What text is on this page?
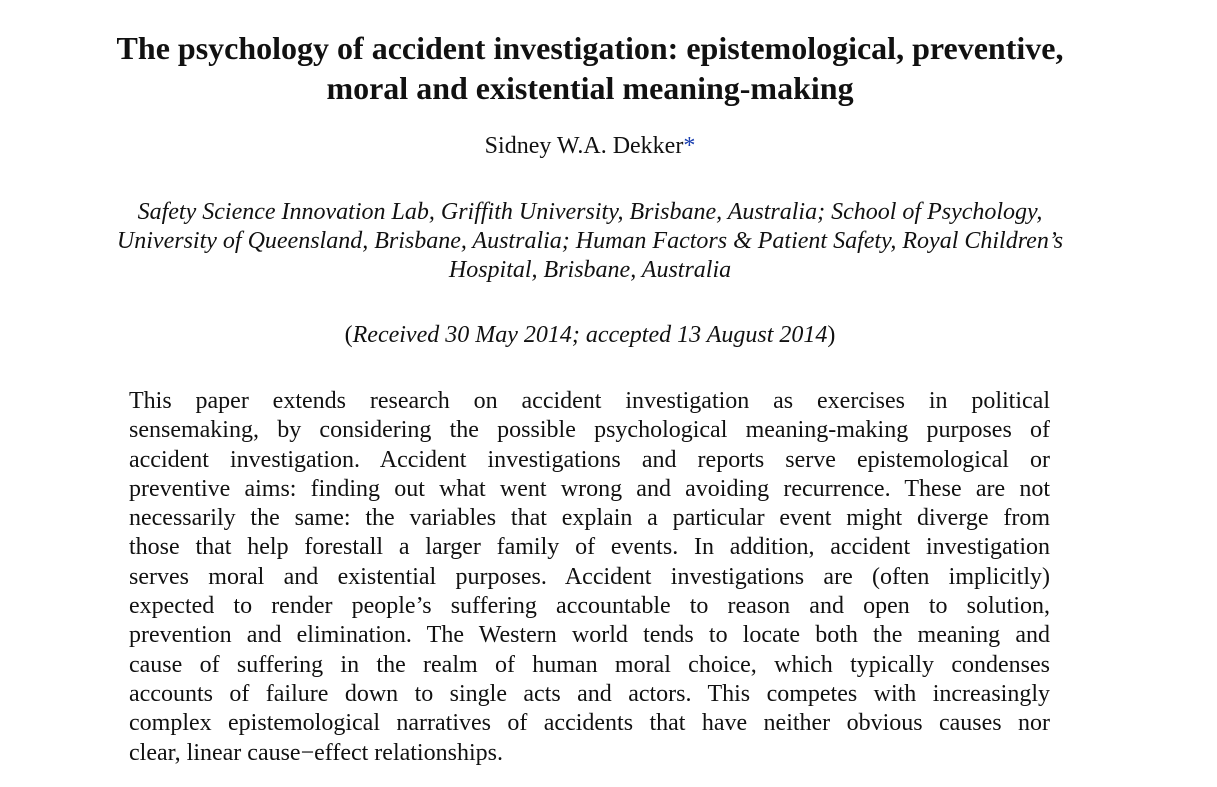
The psychology of accident investigation: epistemological, preventive,
moral and existential meaning-making
Sidney W.A. Dekker*
Safety Science Innovation Lab, Griffith University, Brisbane, Australia; School of Psychology,
University of Queensland, Brisbane, Australia; Human Factors & Patient Safety, Royal Children’s
Hospital, Brisbane, Australia
(Received 30 May 2014; accepted 13 August 2014)
This paper extends research on accident investigation as exercises in political
sensemaking, by considering the possible psychological meaning-making purposes of
accident investigation. Accident investigations and reports serve epistemological or
preventive aims: finding out what went wrong and avoiding recurrence. These are not
necessarily the same: the variables that explain a particular event might diverge from
those that help forestall a larger family of events. In addition, accident investigation
serves moral and existential purposes. Accident investigations are (often implicitly)
expected to render people’s suffering accountable to reason and open to solution,
prevention and elimination. The Western world tends to locate both the meaning and
cause of suffering in the realm of human moral choice, which typically condenses
accounts of failure down to single acts and actors. This competes with increasingly
complex epistemological narratives of accidents that have neither obvious causes nor
clear, linear cause−effect relationships.
